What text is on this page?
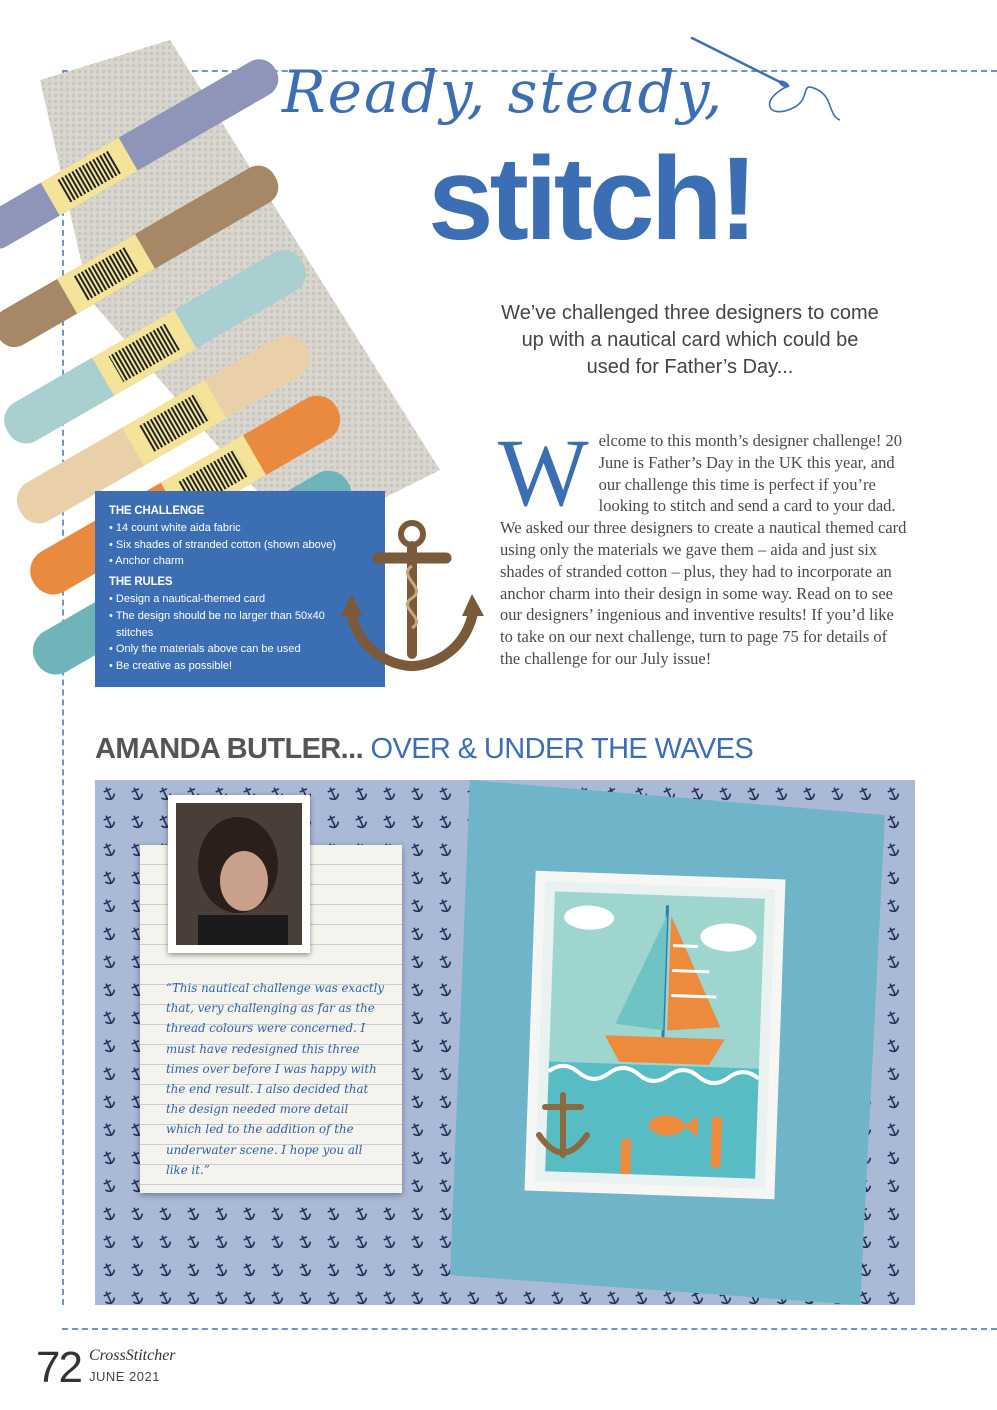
Ready, steady,
stitch!
We’ve challenged three designers to come up with a nautical card which could be used for Father’s Day...
Welcome to this month’s designer challenge! 20 June is Father’s Day in the UK this year, and our challenge this time is perfect if you’re looking to stitch and send a card to your dad. We asked our three designers to create a nautical themed card using only the materials we gave them – aida and just six shades of stranded cotton – plus, they had to incorporate an anchor charm into their design in some way. Read on to see our designers’ ingenious and inventive results! If you’d like to take on our next challenge, turn to page 75 for details of the challenge for our July issue!
THE CHALLENGE
• 14 count white aida fabric
• Six shades of stranded cotton (shown above)
• Anchor charm
THE RULES
• Design a nautical-themed card
• The design should be no larger than 50x40 stitches
• Only the materials above can be used
• Be creative as possible!
AMANDA BUTLER... OVER & UNDER THE WAVES
“This nautical challenge was exactly that, very challenging as far as the thread colours were concerned. I must have redesigned this three times over before I was happy with the end result. I also decided that the design needed more detail which led to the addition of the underwater scene. I hope you all like it.”
72 CrossStitcher
JUNE 2021
